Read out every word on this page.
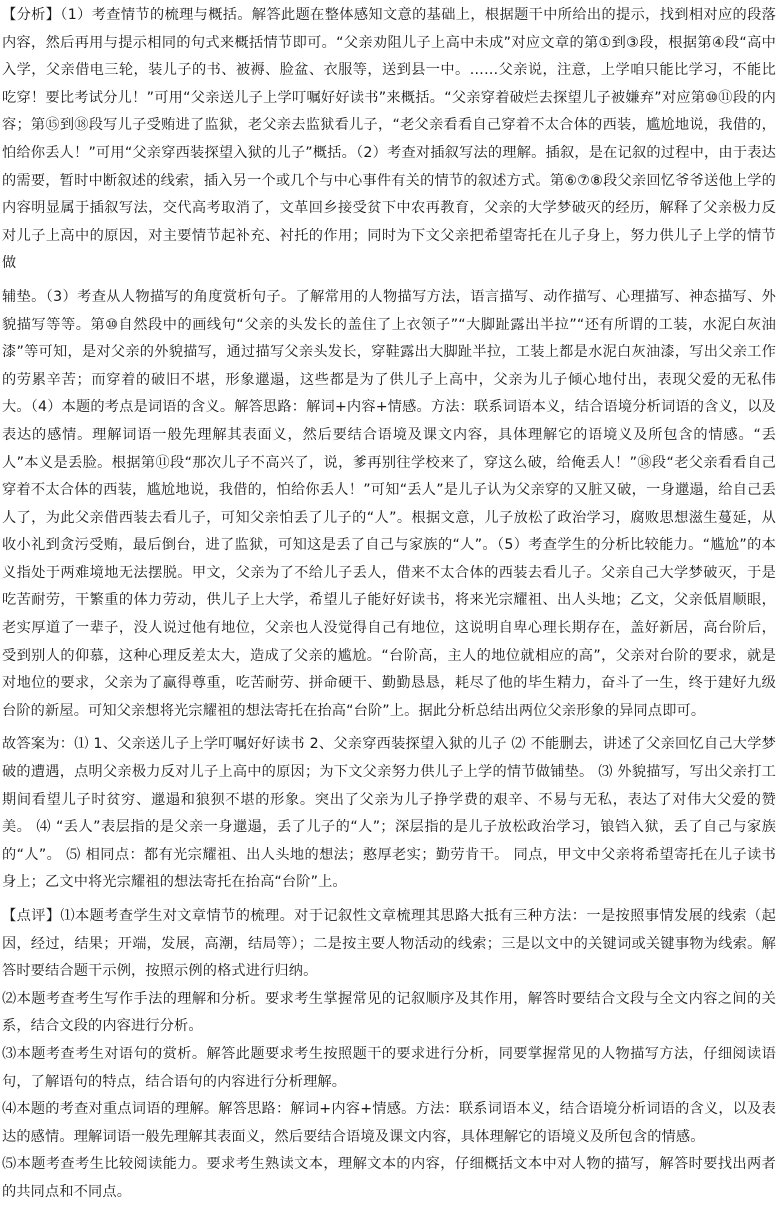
【分析】（1）考查情节的梳理与概括。解答此题在整体感知文意的基础上，根据题干中所给出的提示，找到相对应的段落内容，然后再用与提示相同的句式来概括情节即可。“父亲劝阻儿子上高中未成”对应文章的第①到③段，根据第④段“高中入学，父亲借电三轮，装儿子的书、被褥、脸盆、衣服等，送到县一中。……父亲说，注意，上学咱只能比学习，不能比吃穿！要比考试分儿！”可用“父亲送儿子上学叮嘱好好读书”来概括。“父亲穿着破烂去探望儿子被嫌弃”对应第⑩⑪段的内容；第⑮到⑱段写儿子受贿进了监狱，老父亲去监狱看儿子，“老父亲看看自己穿着不太合体的西装，尴尬地说，我借的，怕给你丢人！”可用“父亲穿西装探望入狱的儿子”概括。（2）考查对插叙写法的理解。插叙，是在记叙的过程中，由于表达的需要，暂时中断叙述的线索，插入另一个或几个与中心事件有关的情节的叙述方式。第⑥⑦⑧段父亲回忆爷爷送他上学的内容明显属于插叙写法，交代高考取消了，文革回乡接受贫下中农再教育，父亲的大学梦破灭的经历，解释了父亲极力反对儿子上高中的原因，对主要情节起补充、衬托的作用；同时为下文父亲把希望寄托在儿子身上，努力供儿子上学的情节做

辅垫。（3）考查从人物描写的角度赏析句子。了解常用的人物描写方法，语言描写、动作描写、心理描写、神态描写、外貌描写等等。第⑩自然段中的画线句“父亲的头发长的盖住了上衣领子”“大脚趾露出半拉”“还有所谓的工装，水泥白灰油漆”等可知，是对父亲的外貌描写，通过描写父亲头发长，穿鞋露出大脚趾半拉，工装上都是水泥白灰油漆，写出父亲工作的劳累辛苦；而穿着的破旧不堪，形象邋遢，这些都是为了供儿子上高中，父亲为儿子倾心地付出，表现父爱的无私伟大。（4）本题的考点是词语的含义。解答思路：解词+内容+情感。方法：联系词语本义，结合语境分析词语的含义，以及表达的感情。理解词语一般先理解其表面义，然后要结合语境及课文内容，具体理解它的语境义及所包含的情感。“丢人”本义是丢脸。根据第⑪段“那次儿子不高兴了，说，爹再别往学校来了，穿这么破，给俺丢人！”⑱段“老父亲看看自己穿着不太合体的西装，尴尬地说，我借的，怕给你丢人！”可知“丢人”是儿子认为父亲穿的又脏又破，一身邋遢，给自己丢人了，为此父亲借西装去看儿子，可知父亲怕丢了儿子的“人”。根据文意，儿子放松了政治学习，腐败思想滋生蔓延，从收小礼到贪污受贿，最后倒台，进了监狱，可知这是丢了自己与家族的“人”。（5）考查学生的分析比较能力。“尴尬”的本义指处于两难境地无法摆脱。甲文，父亲为了不给儿子丢人，借来不太合体的西装去看儿子。父亲自己大学梦破灭，于是吃苦耐劳，干繁重的体力劳动，供儿子上大学，希望儿子能好好读书，将来光宗耀祖、出人头地；乙文，父亲低眉顺眼，老实厚道了一辈子，没人说过他有地位，父亲也人没觉得自己有地位，这说明自卑心理长期存在，盖好新居，高台阶后，受到别人的仰慕，这种心理反差太大，造成了父亲的尴尬。“台阶高，主人的地位就相应的高”，父亲对台阶的要求，就是对地位的要求，父亲为了赢得尊重，吃苦耐劳、拼命硬干、勤勤恳恳，耗尽了他的毕生精力，奋斗了一生，终于建好九级台阶的新屋。可知父亲想将光宗耀祖的想法寄托在抬高“台阶”上。据此分析总结出两位父亲形象的异同点即可。

故答案为：⑴ 1、父亲送儿子上学叮嘱好好读书 2、父亲穿西装探望入狱的儿子 ⑵ 不能删去，讲述了父亲回忆自己大学梦破的遭遇，点明父亲极力反对儿子上高中的原因；为下文父亲努力供儿子上学的情节做铺垫。 ⑶ 外貌描写，写出父亲打工期间看望儿子时贫穷、邋遢和狼狈不堪的形象。突出了父亲为儿子挣学费的艰辛、不易与无私，表达了对伟大父爱的赞美。 ⑷ “丢人”表层指的是父亲一身邋遢，丢了儿子的“人”；深层指的是儿子放松政治学习，锒铛入狱，丢了自己与家族的“人”。 ⑸ 相同点：都有光宗耀祖、出人头地的想法；憨厚老实；勤劳肯干。 同点，甲文中父亲将希望寄托在儿子读书身上；乙文中将光宗耀祖的想法寄托在抬高“台阶”上。

【点评】⑴本题考查学生对文章情节的梳理。对于记叙性文章梳理其思路大抵有三种方法：一是按照事情发展的线索（起因，经过，结果；开端，发展，高潮，结局等）；二是按主要人物活动的线索；三是以文中的关键词或关键事物为线索。解答时要结合题干示例，按照示例的格式进行归纳。

⑵本题考查考生写作手法的理解和分析。要求考生掌握常见的记叙顺序及其作用，解答时要结合文段与全文内容之间的关系，结合文段的内容进行分析。

⑶本题考查考生对语句的赏析。解答此题要求考生按照题干的要求进行分析，同要掌握常见的人物描写方法，仔细阅读语句，了解语句的特点，结合语句的内容进行分析理解。

⑷本题的考查对重点词语的理解。解答思路：解词+内容+情感。方法：联系词语本义，结合语境分析词语的含义，以及表达的感情。理解词语一般先理解其表面义，然后要结合语境及课文内容，具体理解它的语境义及所包含的情感。

⑸本题考查考生比较阅读能力。要求考生熟读文本，理解文本的内容，仔细概括文本中对人物的描写，解答时要找出两者的共同点和不同点。
